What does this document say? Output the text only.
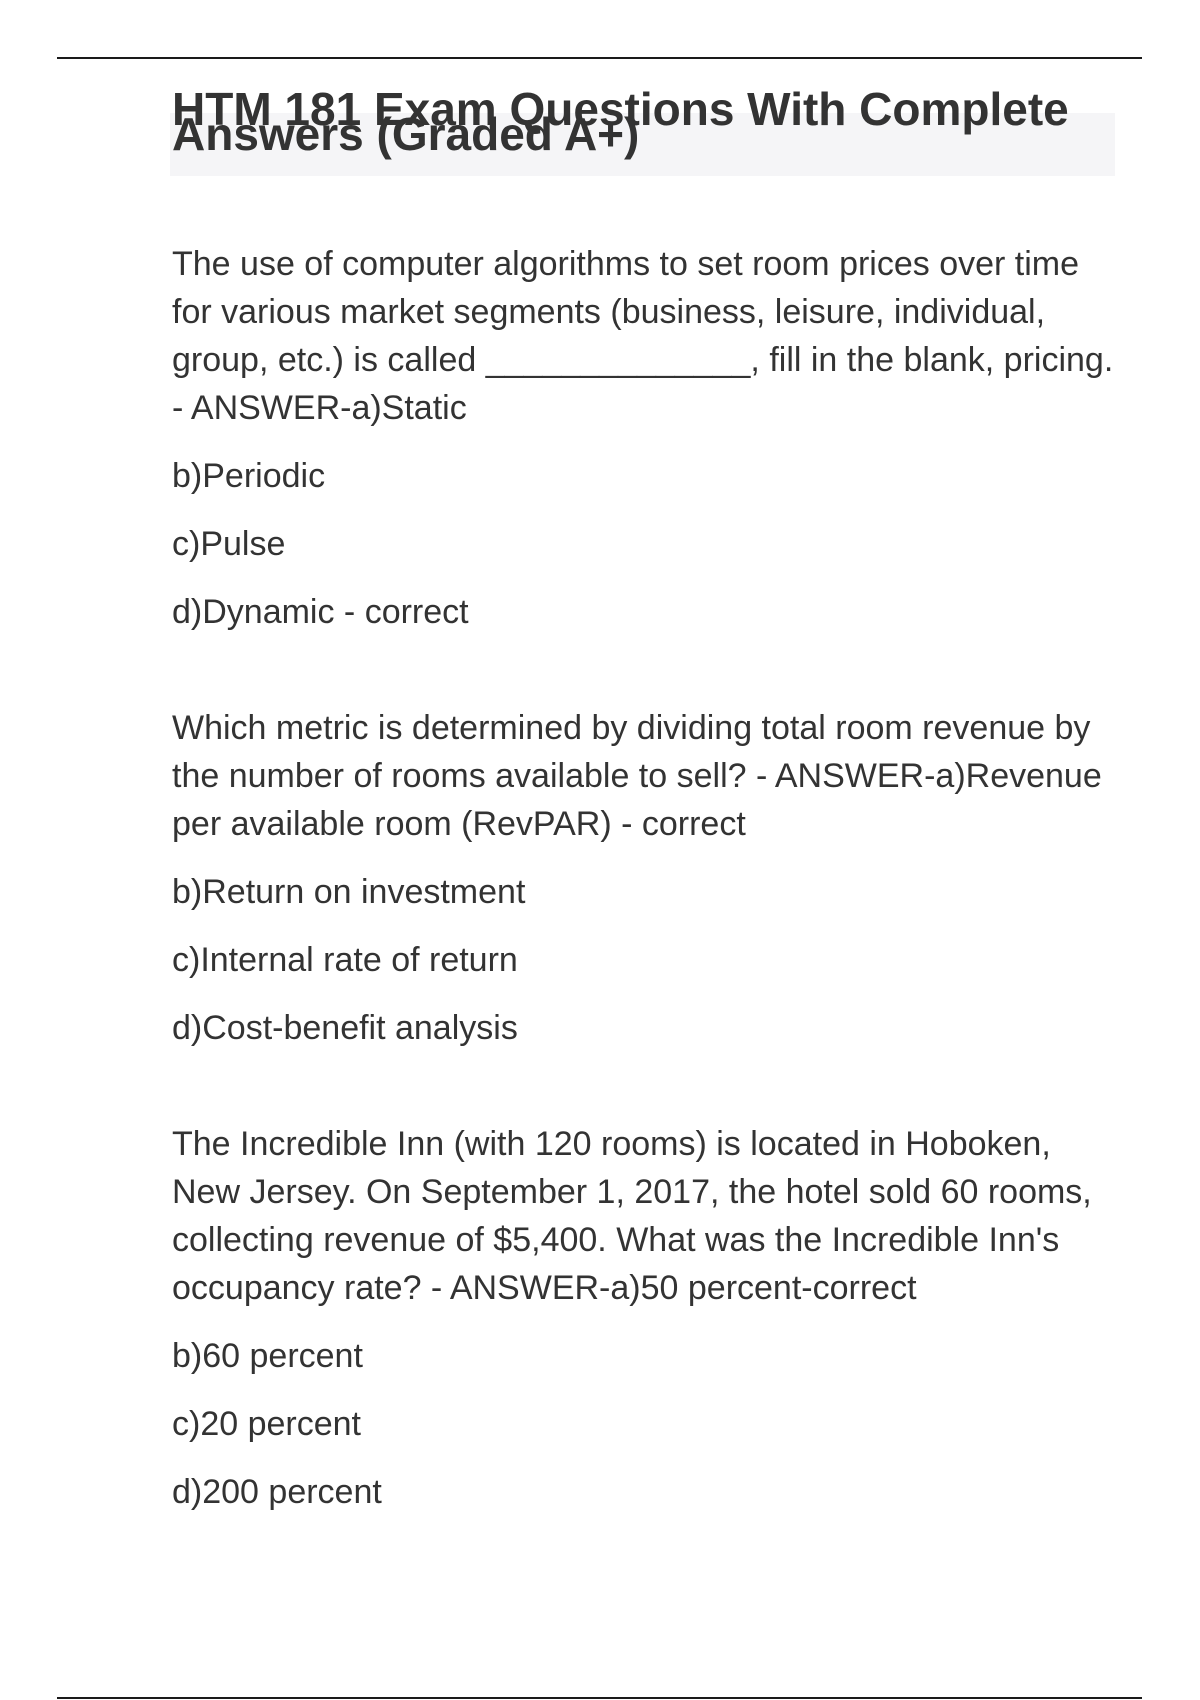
HTM 181 Exam Questions With Complete Answers (Graded A+)

The use of computer algorithms to set room prices over time for various market segments (business, leisure, individual, group, etc.) is called ______________, fill in the blank, pricing. - ANSWER-a)Static

b)Periodic

c)Pulse

d)Dynamic - correct

Which metric is determined by dividing total room revenue by the number of rooms available to sell? - ANSWER-a)Revenue per available room (RevPAR) - correct

b)Return on investment

c)Internal rate of return

d)Cost-benefit analysis

The Incredible Inn (with 120 rooms) is located in Hoboken, New Jersey. On September 1, 2017, the hotel sold 60 rooms, collecting revenue of $5,400. What was the Incredible Inn's occupancy rate? - ANSWER-a)50 percent-correct

b)60 percent

c)20 percent

d)200 percent
